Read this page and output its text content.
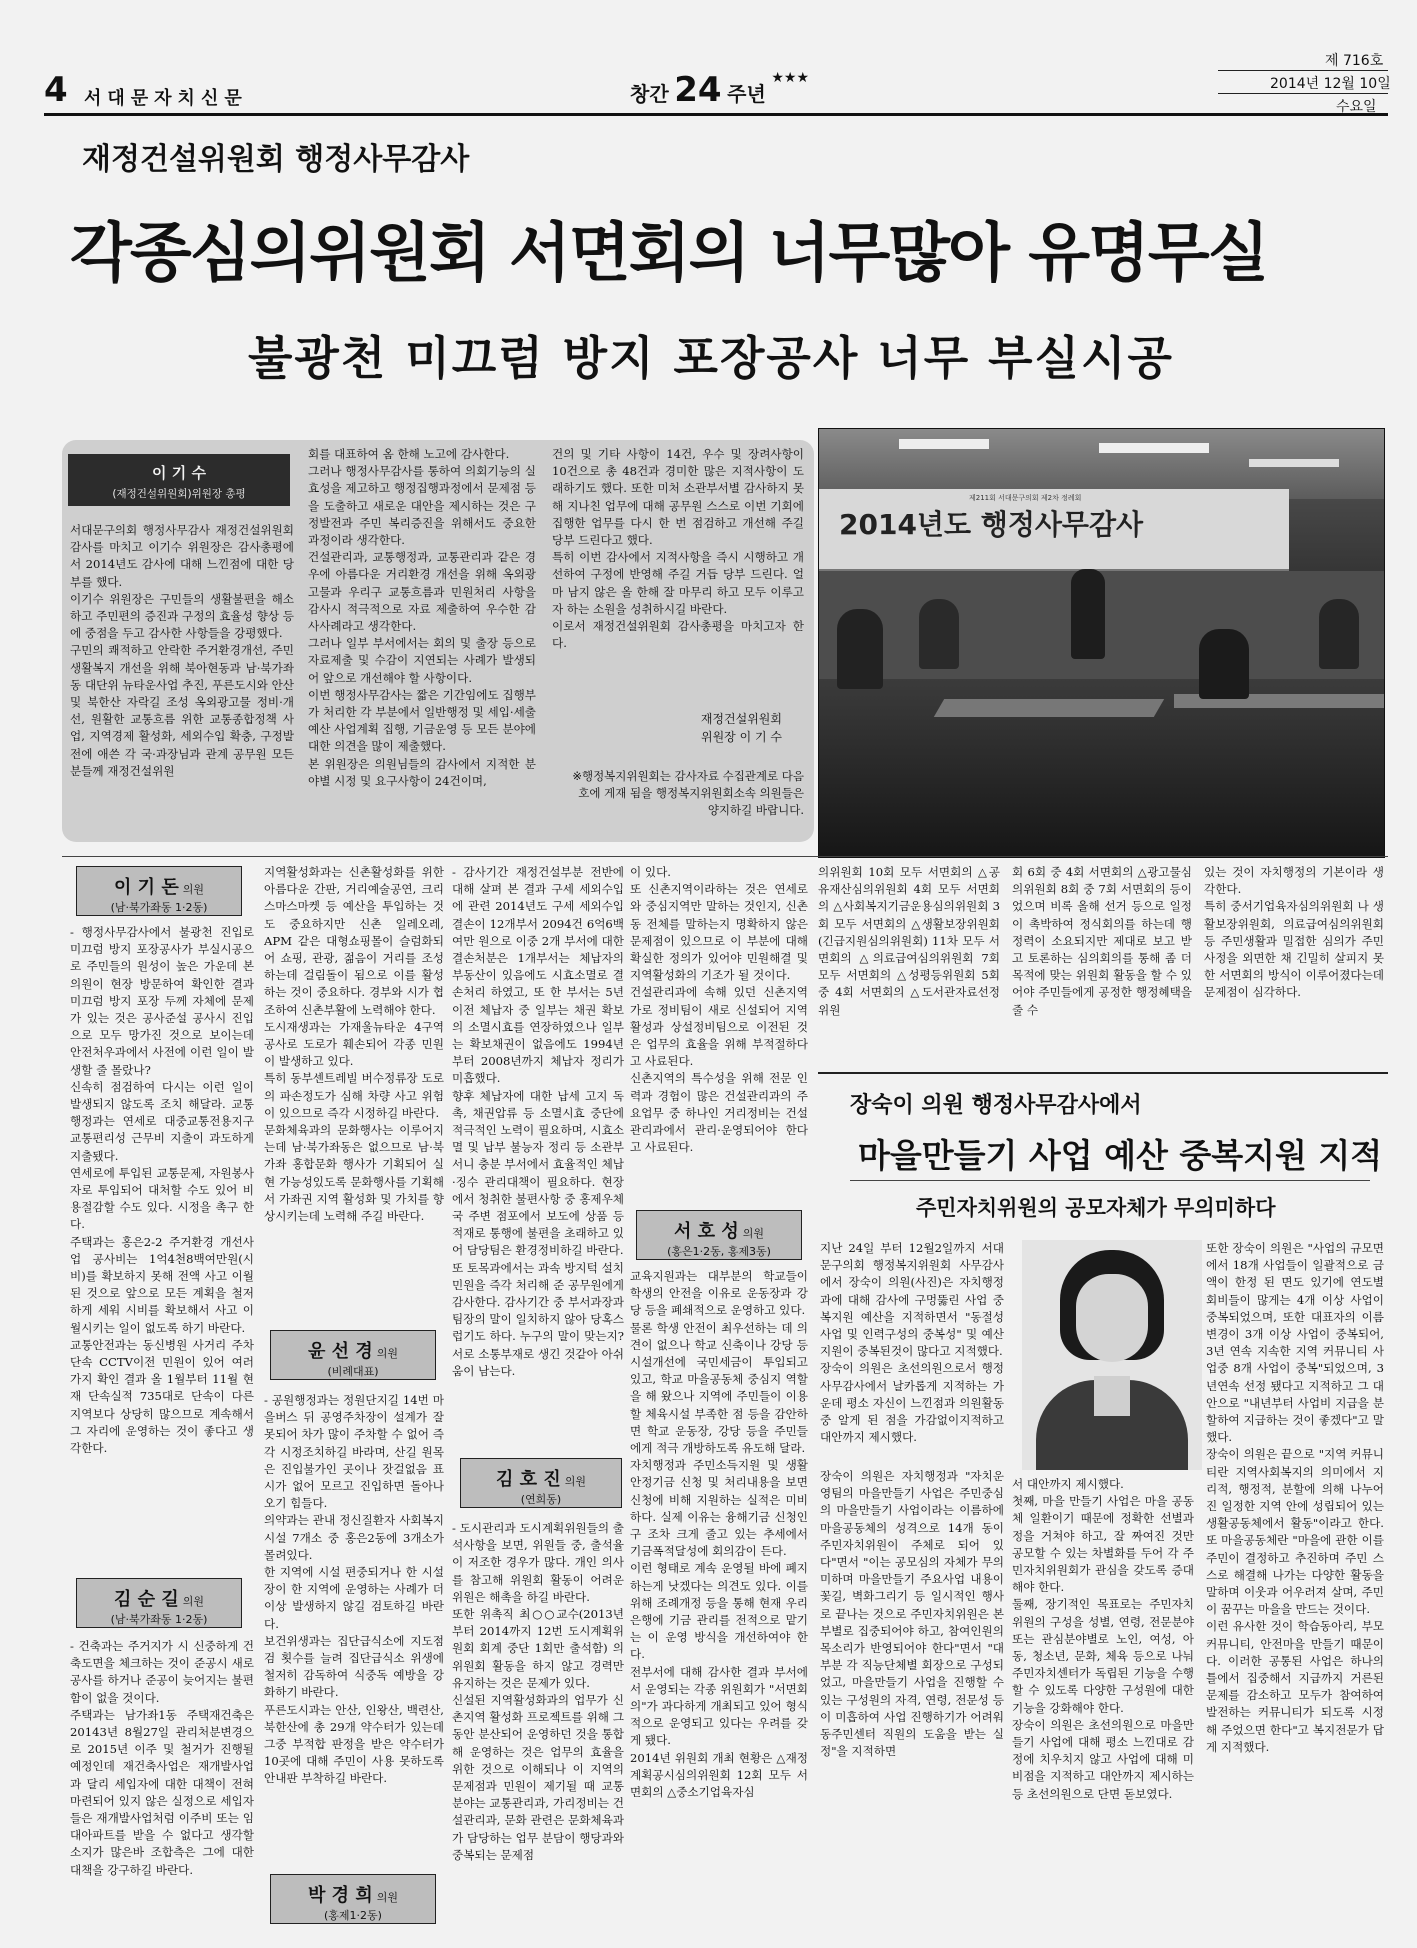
4 서대문자치신문	창간 24 주년 ★★★
제 716호
2014년 12월 10일
수요일
재정건설위원회 행정사무감사
각종심의위원회 서면회의 너무많아 유명무실
불광천 미끄럼 방지 포장공사 너무 부실시공
이 기 수
(재정건설위원회)위원장 총평
서대문구의회 행정사무감사 재정건설위원회 감사를 마치고 이기수 위원장은 감사총평에서 2014년도 감사에 대해 느낀점에 대한 당부를 했다.
이기수 위원장은 구민들의 생활불편을 해소하고 주민편의 증진과 구정의 효율성 향상 등에 중점을 두고 감사한 사항들을 강평했다.
구민의 쾌적하고 안락한 주거환경개선, 주민생활복지 개선을 위해 북아현동과 남·북가좌동 대단위 뉴타운사업 추진, 푸른도시와 안산 및 북한산 자락길 조성 옥외광고물 정비·개선, 원활한 교통흐름 위한 교통종합정책 사업, 지역경제 활성화, 세외수입 확충, 구정발전에 애쓴 각 국·과장님과 관계 공무원 모든 분들께 재정건설위원
회를 대표하여 옴 한해 노고에 감사한다.
그러나 행정사무감사를 통하여 의회기능의 실효성을 제고하고 행정집행과정에서 문제점 등을 도출하고 새로운 대안을 제시하는 것은 구정발전과 주민 복리증진을 위해서도 중요한 과정이라 생각한다.
건설관리과, 교통행정과, 교통관리과 같은 경우에 아름다운 거리환경 개선을 위해 옥외광고물과 우리구 교통흐름과 민원처리 사항을 감사시 적극적으로 자료 제출하여 우수한 감사사례라고 생각한다.
그러나 일부 부서에서는 회의 및 출장 등으로 자료제출 및 수감이 지연되는 사례가 발생되어 앞으로 개선해야 할 사항이다.
이번 행정사무감사는 짧은 기간임에도 집행부가 처리한 각 부분에서 일반행정 및 세입·세출예산 사업계획 집행, 기금운영 등 모든 분야에 대한 의견을 많이 제출했다.
본 위원장은 의원님들의 감사에서 지적한 분야별 시정 및 요구사항이 24건이며,
건의 및 기타 사항이 14건, 우수 및 장려사항이 10건으로 총 48건과 경미한 많은 지적사항이 도래하기도 했다. 또한 미처 소관부서별 감사하지 못해 지나친 업무에 대해 공무원 스스로 이번 기회에 집행한 업무를 다시 한 번 점검하고 개선해 주길 당부 드린다고 했다.
특히 이번 감사에서 지적사항을 즉시 시행하고 개선하여 구정에 반영해 주길 거듭 당부 드린다. 얼마 남지 않은 올 한해 잘 마무리 하고 모두 이루고자 하는 소원을 성취하시길 바란다.
이로서 재정건설위원회 감사총평을 마치고자 한다.
재정건설위원회
위원장 이 기 수
※행정복지위원회는 감사자료 수집관계로 다음호에 게재 됨을 행정복지위원회소속 의원들은 양지하길 바랍니다.
제211회 서대문구의회 제2차 정례회
2014년도 행정사무감사
이 기 돈 의원
(남·북가좌동 1·2동)
- 행정사무감사에서 불광천 진입로 미끄럼 방지 포장공사가 부실시공으로 주민들의 원성이 높은 가운데 본 의원이 현장 방문하여 확인한 결과 미끄럼 방지 포장 두께 자체에 문제가 있는 것은 공사준설 공사시 진입으로 모두 망가진 것으로 보이는데 안전처우과에서 사전에 이런 일이 발생할 줄 몰랐나?
신속히 점검하여 다시는 이런 일이 발생되지 않도록 조치 해달라. 교통행정과는 연세로 대중교통전용지구 교통편리성 근무비 지출이 과도하게 지출됐다.
연세로에 투입된 교통문제, 자원봉사자로 투입되어 대처할 수도 있어 비용절감할 수도 있다. 시정을 촉구 한다.
주택과는 홍은2-2 주거환경 개선사업 공사비는 1억4천8백여만원(시비)를 확보하지 못해 전액 사고 이월된 것으로 앞으로 모든 계획을 철저하게 세워 시비를 확보해서 사고 이월시키는 일이 없도록 하기 바란다.
교통안전과는 동신병원 사거리 주차단속 CCTV이전 민원이 있어 여러 가지 확인 결과 올 1월부터 11월 현재 단속실적 735대로 단속이 다른 지역보다 상당히 많으므로 계속해서 그 자리에 운영하는 것이 좋다고 생각한다.
김 순 길 의원
(남·북가좌동 1·2동)
- 건축과는 주거지가 시 신중하게 건축도면을 체크하는 것이 준공시 새로 공사를 하거나 준공이 늦어지는 불편함이 없을 것이다.
주택과는 남가좌1동 주택재건축은 20143년 8월27일 관리처분변경으로 2015년 이주 및 철거가 진행될 예정인데 재건축사업은 재개발사업과 달리 세입자에 대한 대책이 전혀 마련되어 있지 않은 실정으로 세입자들은 재개발사업처럼 이주비 또는 임대아파트를 받을 수 없다고 생각할 소지가 많은바 조합측은 그에 대한 대책을 강구하길 바란다.
지역활성화과는 신촌활성화를 위한 아름다운 간판, 거리예술공연, 크리스마스마켓 등 예산을 투입하는 것도 중요하지만 신촌 일레오레, APM 같은 대형쇼핑몰이 슬럼화되어 쇼핑, 관광, 젊음이 거리를 조성하는데 걸림돌이 됨으로 이를 활성하는 것이 중요하다. 경부와 시가 협조하여 신촌부활에 노력해야 한다.
도시재생과는 가재울뉴타운 4구역 공사로 도로가 훼손되어 각종 민원이 발생하고 있다.
특히 동부센트레빌 버수정류장 도로의 파손정도가 심해 차량 사고 위험이 있으므로 즉각 시정하길 바란다.
문화체육과의 문화행사는 이루어지는데 남·북가좌동은 없으므로 남·북가좌 홍합문화 행사가 기획되어 실현 가능성있도록 문화행사를 기획해서 가좌권 지역 활성화 및 가치를 향상시키는데 노력해 주길 바란다.
윤 선 경 의원
(비례대표)
- 공원행정과는 정원단지길 14번 마을버스 뒤 공영주차장이 설계가 잘못되어 차가 많이 주차할 수 없어 즉각 시정조치하길 바라며, 산길 원목은 진입불가인 곳이나 잣걸없음 표시가 없어 모르고 진입하면 돌아나오기 힘들다.
의약과는 관내 정신질환자 사회복지시설 7개소 중 홍은2동에 3개소가 몰려있다.
한 지역에 시설 편중되거나 한 시설장이 한 지역에 운영하는 사례가 더 이상 발생하지 않길 검토하길 바란다.
보건위생과는 집단급식소에 지도점검 횟수를 늘려 집단급식소 위생에 철저히 감독하여 식중독 예방을 강화하기 바란다.
푸른도시과는 안산, 인왕산, 백련산, 북한산에 총 29개 약수터가 있는데 그중 부적합 판정을 받은 약수터가 10곳에 대해 주민이 사용 못하도록 안내판 부착하길 바란다.
박 경 희 의원
(홍제1·2동)
- 감사기간 재정건설부분 전반에 대해 살펴 본 결과 구세 세외수입에 관련 2014년도 구세 세외수입 결손이 12개부서 2094건 6억6백여만 원으로 이중 2개 부서에 대한 결손처분은 1개부서는 체납자의 부동산이 있음에도 시효소멸로 결손처리 하였고, 또 한 부서는 5년 이전 체납자 중 일부는 채권 확보의 소멸시효를 연장하였으나 일부는 확보채권이 없음에도 1994년부터 2008년까지 체납자 정리가 미흡했다.
향후 체납자에 대한 납세 고지 독촉, 채권압류 등 소멸시효 중단에 적극적인 노력이 필요하며, 시효소멸 및 납부 불능자 정리 등 소관부서니 충분 부서에서 효율적인 체납·징수 관리대책이 필요하다. 현장에서 청취한 불편사항 중 홍제우체국 주변 점포에서 보도에 상품 등 적재로 통행에 불편을 초래하고 있어 담당팀은 환경정비하길 바란다.
또 토목과에서는 과속 방지턱 설치 민원을 즉각 처리해 준 공무원에게 감사한다. 감사기간 중 부서과장과 팀장의 말이 일치하지 않아 당혹스럽기도 하다. 누구의 말이 맞는지? 서로 소통부재로 생긴 것같아 아쉬움이 남는다.
김 호 진 의원
(연희동)
- 도시관리과 도시계획위원들의 출석사항을 보면, 위원들 중, 출석율이 저조한 경우가 많다. 개인 의사를 참고해 위원회 활동이 어려운 위원은 해촉을 하길 바란다.
또한 위촉직 최○○교수(2013년부터 2014까지 12번 도시계획위원회 회계 중단 1회만 출석함) 의 위원회 활동을 하지 않고 경력만 유지하는 것은 문제가 있다.
신설된 지역활성화과의 업무가 신촌지역 활성화 프로젝트를 위해 그동안 분산되어 운영하던 것을 통합해 운영하는 것은 업무의 효율을 위한 것으로 이해되나 이 지역의 문제점과 민원이 제기될 때 교통 분야는 교통관리과, 가리정비는 건설관리과, 문화 관련은 문화체육과가 담당하는 업무 분담이 행당과와 중복되는 문제점
이 있다.
또 신촌지역이라하는 것은 연세로와 중심지역만 말하는 것인지, 신촌동 전체를 말하는지 명확하지 않은 문제점이 있으므로 이 부분에 대해 확실한 정의가 있어야 민원해결 및 지역활성화의 기조가 될 것이다.
건설관리과에 속해 있던 신촌지역 가로 정비팀이 새로 신설되어 지역활성과 상설정비팀으로 이전된 것은 업무의 효율을 위해 부적절하다고 사료된다.
신촌지역의 특수성을 위해 전문 인력과 경험이 많은 건설관리과의 주요업무 중 하나인 거리정비는 건설관리과에서 관리·운영되어야 한다고 사료된다.
서 호 성 의원
(홍은1·2동, 홍제3동)
교육지원과는 대부분의 학교들이 학생의 안전을 이유로 운동장과 강당 등을 폐쇄적으로 운영하고 있다.
물론 학생 안전이 최우선하는 데 의견이 없으나 학교 신축이나 강당 등 시설개선에 국민세금이 투입되고 있고, 학교 마을공동체 중심지 역할을 해 왔으나 지역에 주민들이 이용할 체육시설 부족한 점 등을 감안하면 학교 운동장, 강당 등을 주민들에게 적극 개방하도록 유도해 달라.
자치행정과 주민소득지원 및 생활안정기금 신청 및 처리내용을 보면 신청에 비해 지원하는 실적은 미비하다. 실제 이유는 융해기금 신청인구 조차 크게 줄고 있는 추세에서 기금폭적달성에 회의감이 든다.
이런 형태로 계속 운영될 바에 폐지하는게 낫겠다는 의견도 있다. 이를 위해 조례개정 등을 통해 현재 우리은행에 기금 관리를 전적으로 맡기는 이 운영 방식을 개선하여야 한다.
전부서에 대해 감사한 결과 부서에서 운영되는 각종 위원회가 "서면회의"가 과다하게 개최되고 있어 형식적으로 운영되고 있다는 우려를 갖게 됐다.
2014년 위원회 개최 현황은 △재정계획공시심의위원회 12회 모두 서면회의 △중소기업육자심
의위원회 10회 모두 서면회의 △공유재산심의위원회 4회 모두 서면회의 △사회복지기금운용심의위원회 3회 모두 서면회의 △생활보장위원회(긴급지원심의위원회) 11차 모두 서면회의 △의료급여심의위원회 7회 모두 서면회의 △성평등위원회 5회 중 4회 서면회의 △도서관자료선정위원
회 6회 중 4회 서면회의 △광고물심의위원회 8회 중 7회 서면회의 등이었으며 비록 올해 선거 등으로 일정이 촉박하여 정식회의를 하는데 행정력이 소요되지만 제대로 보고 받고 토론하는 심의회의를 통해 좀 더 목적에 맞는 위원회 활동을 할 수 있어야 주민들에게 공정한 행정혜택을 줄 수
있는 것이 자치행정의 기본이라 생각한다.
특히 중서기업육자심의위원회 나 생활보장위원회, 의료급여심의위원회 등 주민생활과 밀접한 심의가 주민 사정을 외면한 채 긴밀히 살피지 못한 서면회의 방식이 이루어졌다는데 문제점이 심각하다.
장숙이 의원 행정사무감사에서
마을만들기 사업 예산 중복지원 지적
주민자치위원의 공모자체가 무의미하다
지난 24일 부터 12월2일까지 서대문구의회 행정복지위원회 사무감사에서 장숙이 의원(사진)은 자치행정과에 대해 감사에 구멍뚫린 사업 중복지원 예산을 지적하면서 "동절성사업 및 인력구성의 중복성" 및 예산지원이 중복된것이 많다고 지적했다.
장숙이 의원은 초선의원으로서 행정사무감사에서 날카롭게 지적하는 가운데 평소 자신이 느낀점과 의원활동 중 알게 된 점을 가감없이지적하고 대안까지 제시했다.
장숙이 의원은 자치행정과 "자치운영팀의 마을만들기 사업은 주민중심의 마을만들기 사업이라는 이름하에 마을공동체의 성격으로 14개 동이 주민자치위원이 주체로 되어 있다"면서 "이는 공모심의 자체가 무의미하며 마을만들기 주요사업 내용이 꽃길, 벽화그리기 등 일시적인 행사로 끝나는 것으로 주민자치위원은 본부별로 집중되어야 하고, 참여인원의 목소리가 반영되어야 한다"면서 "대부분 각 직능단체별 회장으로 구성되었고, 마을만들기 사업을 진행할 수 있는 구성원의 자격, 연령, 전문성 등이 미흡하여 사업 진행하기가 어려워 동주민센터 직원의 도움을 받는 실정"을 지적하면
서 대안까지 제시했다.
첫째, 마을 만들기 사업은 마을 공동체 일환이기 때문에 정확한 선별과정을 거쳐야 하고, 잘 짜여진 것만 공모할 수 있는 차별화를 두어 각 주민자치위원회가 관심을 갖도록 증대해야 한다.
둘째, 장기적인 목표로는 주민자치위원의 구성을 성별, 연령, 전문분야 또는 관심분야별로 노인, 여성, 아동, 청소년, 문화, 체육 등으로 나눠 주민자치센터가 독립된 기능을 수행할 수 있도록 다양한 구성원에 대한 기능을 강화해야 한다.
장숙이 의원은 초선의원으로 마을만들기 사업에 대해 평소 느낀대로 감정에 치우치지 않고 사업에 대해 미비점을 지적하고 대안까지 제시하는 등 초선의원으로 단면 돋보였다.
또한 장숙이 의원은 "사업의 규모면에서 18개 사업들이 일괄적으로 금액이 한정 된 면도 있기에 연도별 회비들이 많게는 4개 이상 사업이 중복되었으며, 또한 대표자의 이름변경이 3개 이상 사업이 중복되어, 3년 연속 지속한 지역 커뮤니티 사업중 8개 사업이 중복"되었으며, 3년연속 선정 됐다고 지적하고 그 대안으로 "내년부터 사업비 지급을 분할하여 지급하는 것이 좋겠다"고 말했다.
장숙이 의원은 끝으로 "지역 커뮤니티란 지역사회복지의 의미에서 지리적, 행정적, 분할에 의해 나누어진 일정한 지역 안에 성립되어 있는 생활공동체에서 활동"이라고 한다. 또 마을공동체란 "마을에 관한 이를 주민이 결정하고 추진하며 주민 스스로 해결해 나가는 다양한 활동을 말하며 이웃과 어우러져 살며, 주민이 꿈꾸는 마을을 만드는 것이다.
이런 유사한 것이 학습동아리, 부모커뮤니티, 안전마을 만들기 때문이다. 이러한 공통된 사업은 하나의 틀에서 집중해서 지급까지 거른된 문제를 감소하고 모두가 참여하여 발전하는 커뮤니티가 되도록 시정해 주었으면 한다"고 복지전문가 답게 지적했다.
